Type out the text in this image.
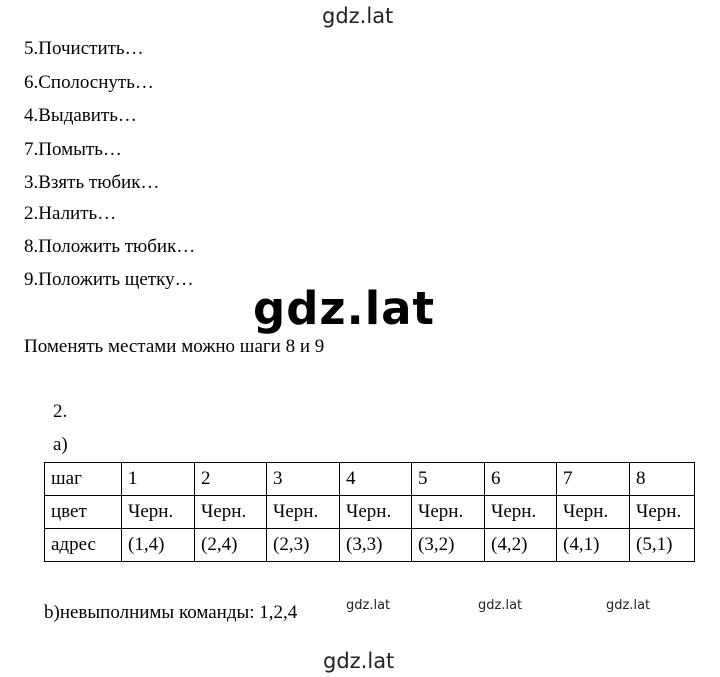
gdz.lat
gdz.lat
gdz.lat	gdz.lat	gdz.lat
gdz.lat
5.Почистить…
6.Сполоснуть…
4.Выдавить…
7.Помыть…
3.Взять тюбик…
2.Налить…
8.Положить тюбик…
9.Положить щетку…
Поменять местами можно шаги 8 и 9
2.
a)
шаг	1	2	3	4	5	6	7	8
цвет	Черн.	Черн.	Черн.	Черн.	Черн.	Черн.	Черн.	Черн.
адрес	(1,4)	(2,4)	(2,3)	(3,3)	(3,2)	(4,2)	(4,1)	(5,1)
b)невыполнимы команды: 1,2,4
